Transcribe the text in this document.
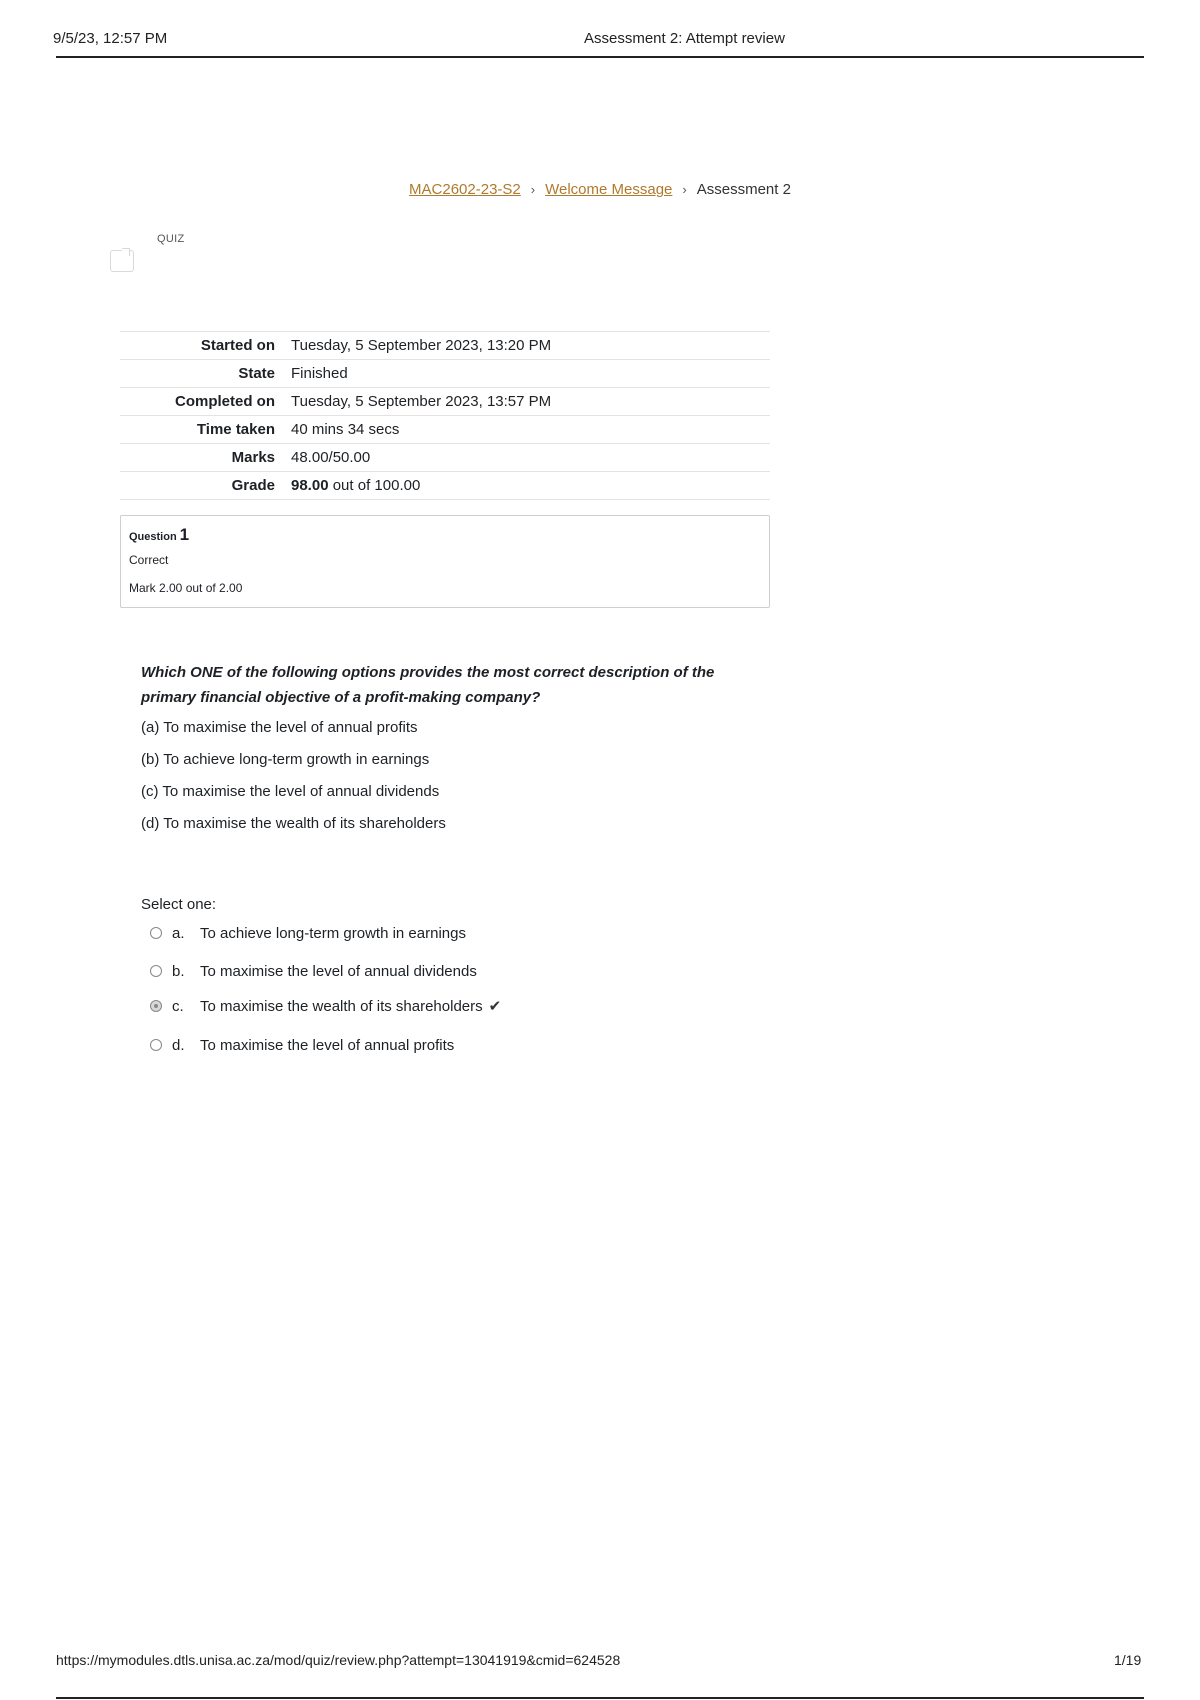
9/5/23, 12:57 PM	Assessment 2: Attempt review
MAC2602-23-S2 › Welcome Message › Assessment 2
QUIZ
Started on	Tuesday, 5 September 2023, 13:20 PM
State	Finished
Completed on	Tuesday, 5 September 2023, 13:57 PM
Time taken	40 mins 34 secs
Marks	48.00/50.00
Grade	98.00 out of 100.00
Question 1
Correct
Mark 2.00 out of 2.00
Which ONE of the following options provides the most correct description of the
primary financial objective of a profit-making company?
(a) To maximise the level of annual profits
(b) To achieve long-term growth in earnings
(c) To maximise the level of annual dividends
(d) To maximise the wealth of its shareholders
Select one:
a.	To achieve long-term growth in earnings
b.	To maximise the level of annual dividends
c.	To maximise the wealth of its shareholders ✔
d.	To maximise the level of annual profits
https://mymodules.dtls.unisa.ac.za/mod/quiz/review.php?attempt=13041919&cmid=624528	1/19
